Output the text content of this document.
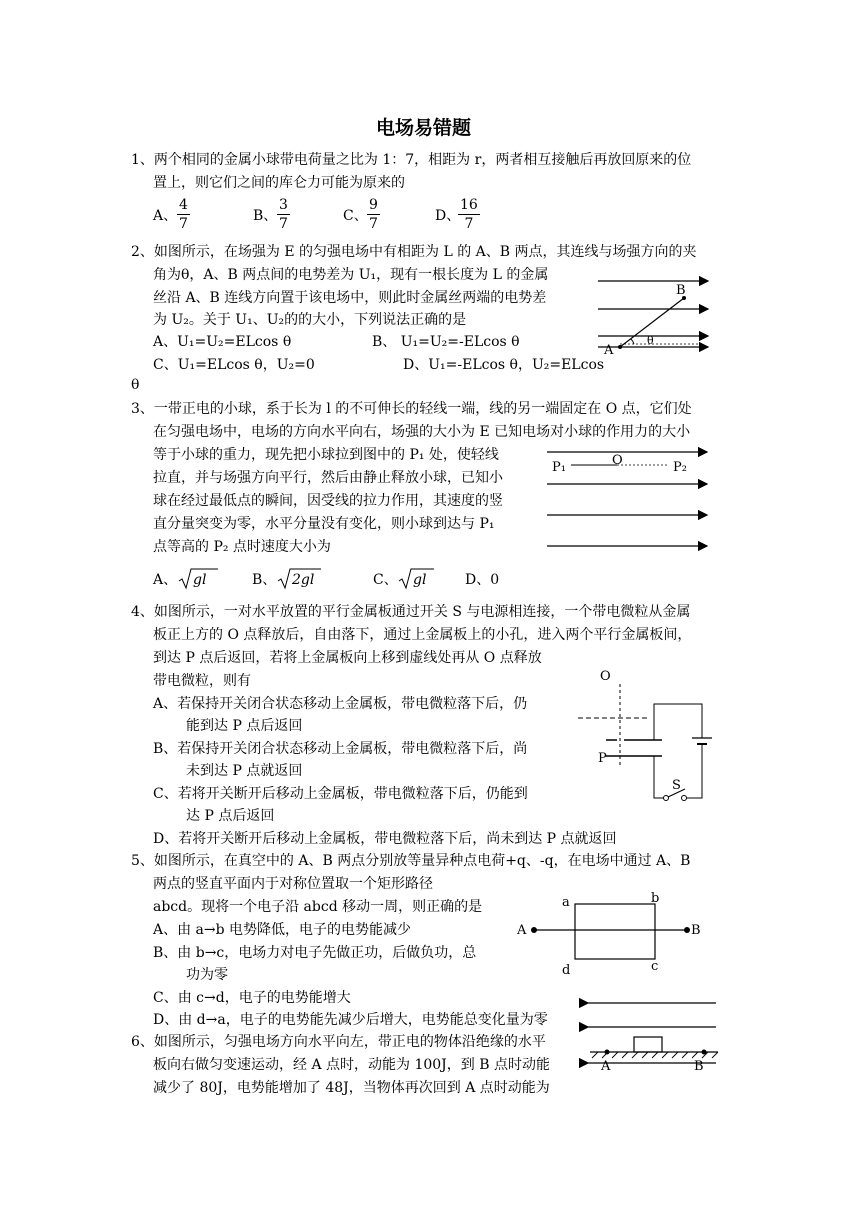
电场易错题
1、两个相同的金属小球带电荷量之比为 1：7，相距为 r，两者相互接触后再放回原来的位
置上，则它们之间的库仑力可能为原来的
A、 $\frac{4}{7}$	B、 $\frac{3}{7}$	C、 $\frac{9}{7}$	D、
$\frac{16}{7}$
2、如图所示，在场强为 E 的匀强电场中有相距为 L 的 A、B 两点，其连线与场强方向的夹
角为θ，A、B 两点间的电势差为 U₁，现有一根长度为 L 的金属
丝沿 A、B 连线方向置于该电场中，则此时金属丝两端的电势差
为 U₂。关于 U₁、U₂的的大小，下列说法正确的是
A、U₁=U₂=ELcos θ	B、 U₁=U₂=-ELcos θ
C、U₁=ELcos θ，U₂=0	D、U₁=-ELcos θ，U₂=ELcos
θ
B
A
θ
3、一带正电的小球，系于长为 l 的不可伸长的轻线一端，线的另一端固定在 O 点，它们处
在匀强电场中，电场的方向水平向右，场强的大小为 E 已知电场对小球的作用力的大小
等于小球的重力，现先把小球拉到图中的 P₁ 处，使轻线
拉直，并与场强方向平行，然后由静止释放小球，已知小
球在经过最低点的瞬间，因受线的拉力作用，其速度的竖
直分量突变为零，水平分量没有变化，则小球到达与 P₁
点等高的 P₂ 点时速度大小为
A、 gl	B、 2gl	C、 gl	D、0
P₁	O	P₂
4、如图所示，一对水平放置的平行金属板通过开关 S 与电源相连接，一个带电微粒从金属
板正上方的 O 点释放后，自由落下，通过上金属板上的小孔，进入两个平行金属板间，
到达 P 点后返回，若将上金属板向上移到虚线处再从 O 点释放
带电微粒，则有
A、若保持开关闭合状态移动上金属板，带电微粒落下后，仍
能到达 P 点后返回
B、若保持开关闭合状态移动上金属板，带电微粒落下后，尚
未到达 P 点就返回
C、若将开关断开后移动上金属板，带电微粒落下后，仍能到
达 P 点后返回
D、若将开关断开后移动上金属板，带电微粒落下后，尚未到达 P 点就返回
O
P
S
5、如图所示，在真空中的 A、B 两点分别放等量异种点电荷+q、-q，在电场中通过 A、B
两点的竖直平面内于对称位置取一个矩形路径
abcd。现将一个电子沿 abcd 移动一周，则正确的是
A、由 a→b 电势降低，电子的电势能减少
B、由 b→c，电场力对电子先做正功，后做负功，总
功为零
C、由 c→d，电子的电势能增大
D、由 d→a，电子的电势能先减少后增大，电势能总变化量为零
a	b
A	B
d	c
6、如图所示，匀强电场方向水平向左，带正电的物体沿绝缘的水平
板向右做匀变速运动，经 A 点时，动能为 100J，到 B 点时动能
减少了 80J，电势能增加了 48J，当物体再次回到 A 点时动能为
A	B
